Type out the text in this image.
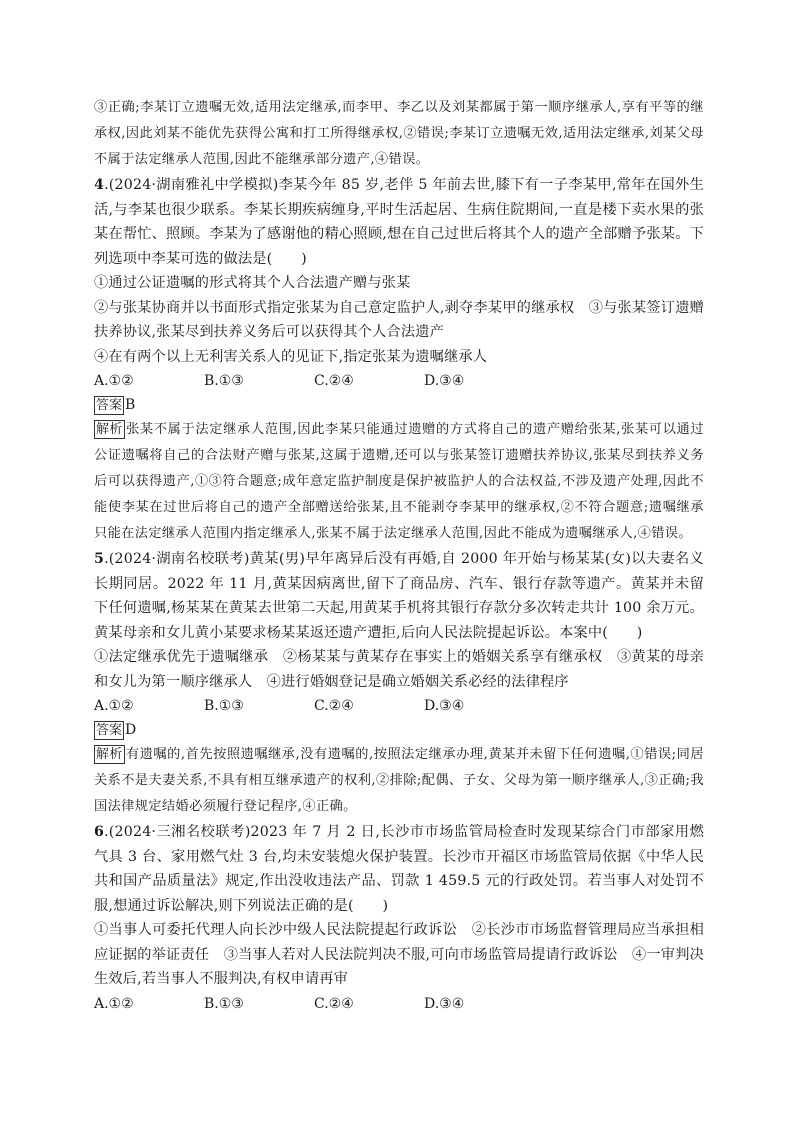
③正确;李某订立遗嘱无效,适用法定继承,而李甲、李乙以及刘某都属于第一顺序继承人,享有平等的继承权,因此刘某不能优先获得公寓和打工所得继承权,②错误;李某订立遗嘱无效,适用法定继承,刘某父母不属于法定继承人范围,因此不能继承部分遗产,④错误。

4.(2024·湖南雅礼中学模拟)李某今年 85 岁,老伴 5 年前去世,膝下有一子李某甲,常年在国外生活,与李某也很少联系。李某长期疾病缠身,平时生活起居、生病住院期间,一直是楼下卖水果的张某在帮忙、照顾。李某为了感谢他的精心照顾,想在自己过世后将其个人的遗产全部赠予张某。下列选项中李某可选的做法是(　　)

①通过公证遗嘱的形式将其个人合法遗产赠与张某

②与张某协商并以书面形式指定张某为自己意定监护人,剥夺李某甲的继承权　③与张某签订遗赠扶养协议,张某尽到扶养义务后可以获得其个人合法遗产

④在有两个以上无利害关系人的见证下,指定张某为遗嘱继承人

A.①②	B.①③	C.②④	D.③④

答案 B

解析 张某不属于法定继承人范围,因此李某只能通过遗赠的方式将自己的遗产赠给张某,张某可以通过公证遗嘱将自己的合法财产赠与张某,这属于遗赠,还可以与张某签订遗赠扶养协议,张某尽到扶养义务后可以获得遗产,①③符合题意;成年意定监护制度是保护被监护人的合法权益,不涉及遗产处理,因此不能使李某在过世后将自己的遗产全部赠送给张某,且不能剥夺李某甲的继承权,②不符合题意;遗嘱继承只能在法定继承人范围内指定继承人,张某不属于法定继承人范围,因此不能成为遗嘱继承人,④错误。

5.(2024·湖南名校联考)黄某(男)早年离异后没有再婚,自 2000 年开始与杨某某(女)以夫妻名义长期同居。2022 年 11 月,黄某因病离世,留下了商品房、汽车、银行存款等遗产。黄某并未留下任何遗嘱,杨某某在黄某去世第二天起,用黄某手机将其银行存款分多次转走共计 100 余万元。黄某母亲和女儿黄小某要求杨某某返还遗产遭拒,后向人民法院提起诉讼。本案中(　　)

①法定继承优先于遗嘱继承　②杨某某与黄某存在事实上的婚姻关系享有继承权　③黄某的母亲和女儿为第一顺序继承人　④进行婚姻登记是确立婚姻关系必经的法律程序

A.①②	B.①③	C.②④	D.③④

答案 D

解析 有遗嘱的,首先按照遗嘱继承,没有遗嘱的,按照法定继承办理,黄某并未留下任何遗嘱,①错误;同居关系不是夫妻关系,不具有相互继承遗产的权利,②排除;配偶、子女、父母为第一顺序继承人,③正确;我国法律规定结婚必须履行登记程序,④正确。

6.(2024·三湘名校联考)2023 年 7 月 2 日,长沙市市场监管局检查时发现某综合门市部家用燃气具 3 台、家用燃气灶 3 台,均未安装熄火保护装置。长沙市开福区市场监管局依据《中华人民共和国产品质量法》规定,作出没收违法产品、罚款 1 459.5 元的行政处罚。若当事人对处罚不服,想通过诉讼解决,则下列说法正确的是(　　)

①当事人可委托代理人向长沙中级人民法院提起行政诉讼　②长沙市市场监督管理局应当承担相应证据的举证责任　③当事人若对人民法院判决不服,可向市场监管局提请行政诉讼　④一审判决生效后,若当事人不服判决,有权申请再审

A.①②	B.①③	C.②④	D.③④
